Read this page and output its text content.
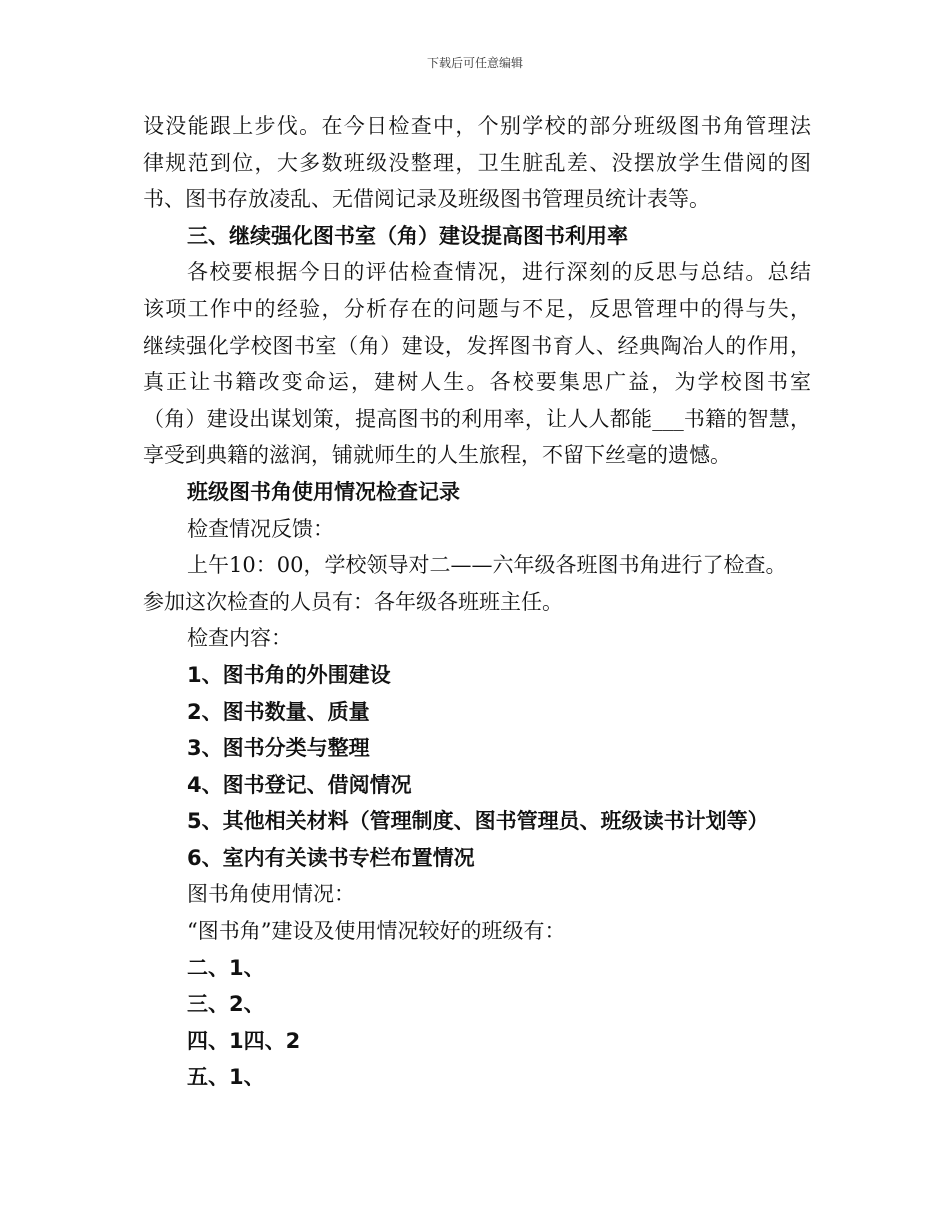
下载后可任意编辑
设没能跟上步伐。在今日检查中，个别学校的部分班级图书角管理法
律规范到位，大多数班级没整理，卫生脏乱差、没摆放学生借阅的图
书、图书存放凌乱、无借阅记录及班级图书管理员统计表等。
三、继续强化图书室（角）建设提高图书利用率
各校要根据今日的评估检查情况，进行深刻的反思与总结。总结
该项工作中的经验，分析存在的问题与不足，反思管理中的得与失，
继续强化学校图书室（角）建设，发挥图书育人、经典陶冶人的作用，
真正让书籍改变命运，建树人生。各校要集思广益，为学校图书室
（角）建设出谋划策，提高图书的利用率，让人人都能___书籍的智慧，
享受到典籍的滋润，铺就师生的人生旅程，不留下丝毫的遗憾。
班级图书角使用情况检查记录
检查情况反馈：
上午10：00，学校领导对二——六年级各班图书角进行了检查。
参加这次检查的人员有：各年级各班班主任。
检查内容：
1、图书角的外围建设
2、图书数量、质量
3、图书分类与整理
4、图书登记、借阅情况
5、其他相关材料（管理制度、图书管理员、班级读书计划等）
6、室内有关读书专栏布置情况
图书角使用情况：
“图书角”建设及使用情况较好的班级有：
二、1、
三、2、
四、1四、2
五、1、
